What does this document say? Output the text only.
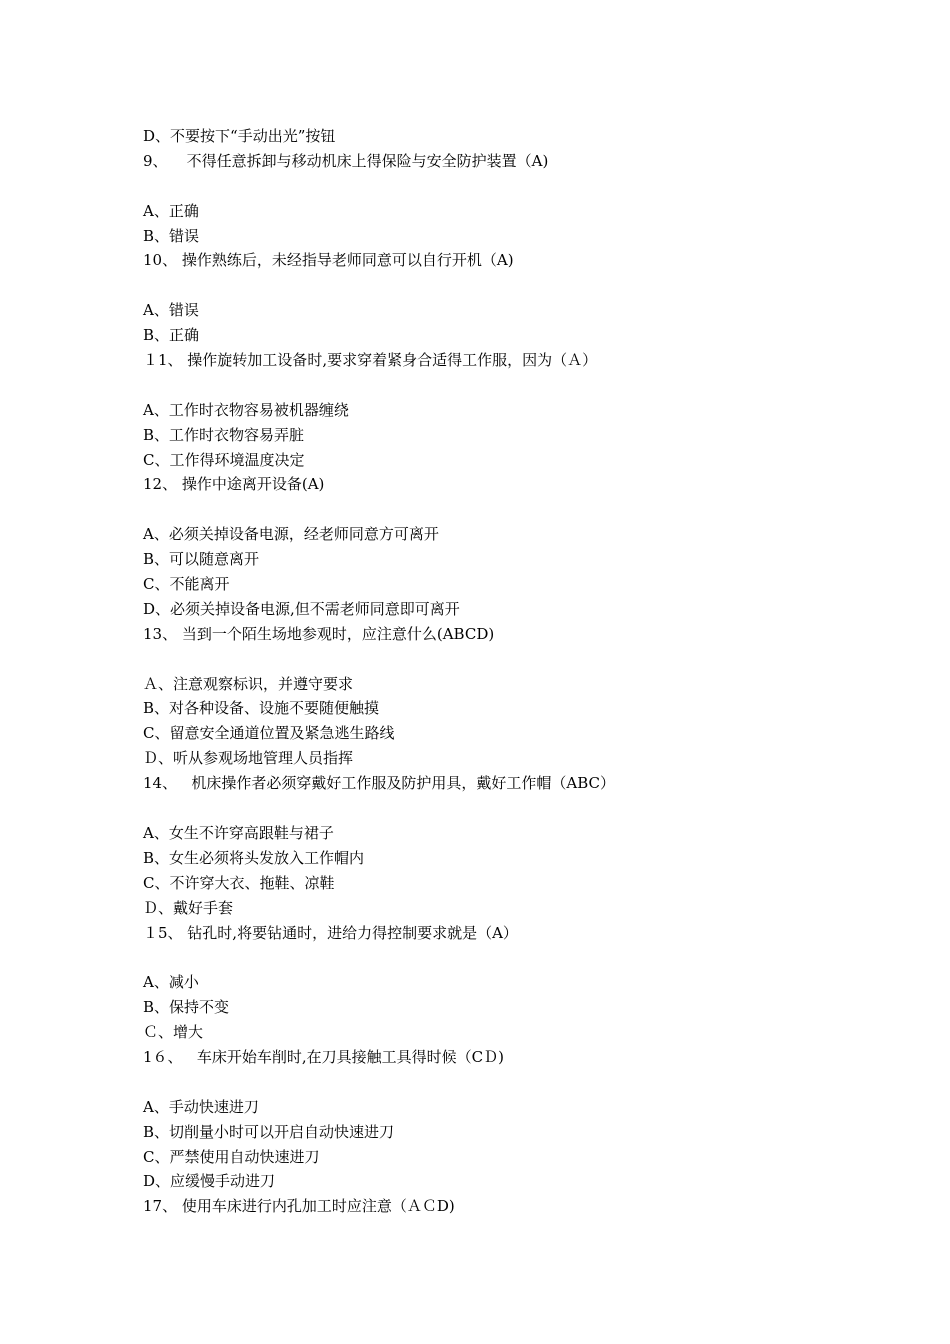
D、不要按下“手动出光”按钮
9、    不得任意拆卸与移动机床上得保险与安全防护装置（A)
A、正确
B、错误
10、 操作熟练后，未经指导老师同意可以自行开机（A)
A、错误
B、正确
１1、 操作旋转加工设备时,要求穿着紧身合适得工作服，因为（Ａ）
A、工作时衣物容易被机器缠绕
B、工作时衣物容易弄脏
C、工作得环境温度决定
12、 操作中途离开设备(A)
A、必须关掉设备电源，经老师同意方可离开
B、可以随意离开
C、不能离开
D、必须关掉设备电源,但不需老师同意即可离开
13、 当到一个陌生场地参观时，应注意什么(ABCD)
Ａ、注意观察标识，并遵守要求
B、对各种设备、设施不要随便触摸
C、留意安全通道位置及紧急逃生路线
Ｄ、听从参观场地管理人员指挥
14、   机床操作者必须穿戴好工作服及防护用具，戴好工作帽（ABC）
A、女生不许穿高跟鞋与裙子
B、女生必须将头发放入工作帽内
C、不许穿大衣、拖鞋、凉鞋
Ｄ、戴好手套
１5、 钻孔时,将要钻通时，进给力得控制要求就是（A）
A、减小
B、保持不变
Ｃ、增大
1６、   车床开始车削时,在刀具接触工具得时候（CＤ)
A、手动快速进刀
B、切削量小时可以开启自动快速进刀
C、严禁使用自动快速进刀
D、应缓慢手动进刀
17、 使用车床进行内孔加工时应注意（ＡＣD)
